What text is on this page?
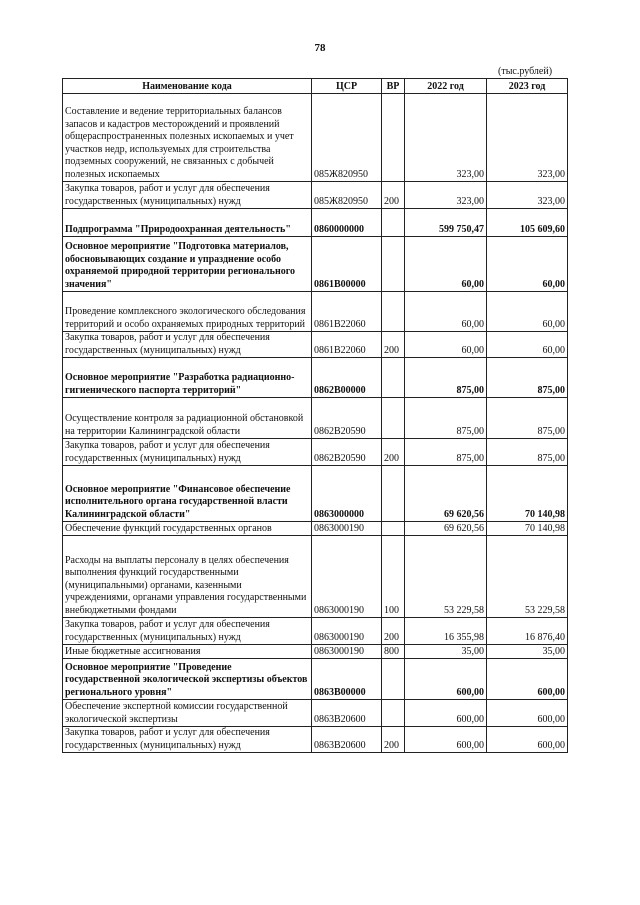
78
(тыс.рублей)
Наименование кода	ЦСР	ВР	2022 год	2023 год
Составление и ведение территориальных балансов запасов и кадастров месторождений и проявлений общераспространенных полезных ископаемых и учет участков недр, используемых для строительства подземных сооружений, не связанных с добычей полезных ископаемых	085Ж820950		323,00	323,00
Закупка товаров, работ и услуг для обеспечения государственных (муниципальных) нужд	085Ж820950	200	323,00	323,00
Подпрограмма "Природоохранная деятельность"	0860000000		599 750,47	105 609,60
Основное мероприятие "Подготовка материалов, обосновывающих создание и упразднение особо охраняемой природной территории регионального значения"	0861В00000		60,00	60,00
Проведение комплексного экологического обследования территорий и особо охраняемых природных территорий	0861В22060		60,00	60,00
Закупка товаров, работ и услуг для обеспечения государственных (муниципальных) нужд	0861В22060	200	60,00	60,00
Основное мероприятие "Разработка радиационно-гигиенического паспорта территорий"	0862В00000		875,00	875,00
Осуществление контроля за радиационной обстановкой на территории Калининградской области	0862В20590		875,00	875,00
Закупка товаров, работ и услуг для обеспечения государственных (муниципальных) нужд	0862В20590	200	875,00	875,00
Основное мероприятие "Финансовое обеспечение исполнительного органа государственной власти Калининградской области"	0863000000		69 620,56	70 140,98
Обеспечение функций государственных органов	0863000190		69 620,56	70 140,98
Расходы на выплаты персоналу в целях обеспечения выполнения функций государственными (муниципальными) органами, казенными учреждениями, органами управления государственными внебюджетными фондами	0863000190	100	53 229,58	53 229,58
Закупка товаров, работ и услуг для обеспечения государственных (муниципальных) нужд	0863000190	200	16 355,98	16 876,40
Иные бюджетные ассигнования	0863000190	800	35,00	35,00
Основное мероприятие "Проведение государственной экологической экспертизы объектов регионального уровня"	0863В00000		600,00	600,00
Обеспечение экспертной комиссии государственной экологической экспертизы	0863В20600		600,00	600,00
Закупка товаров, работ и услуг для обеспечения государственных (муниципальных) нужд	0863В20600	200	600,00	600,00
